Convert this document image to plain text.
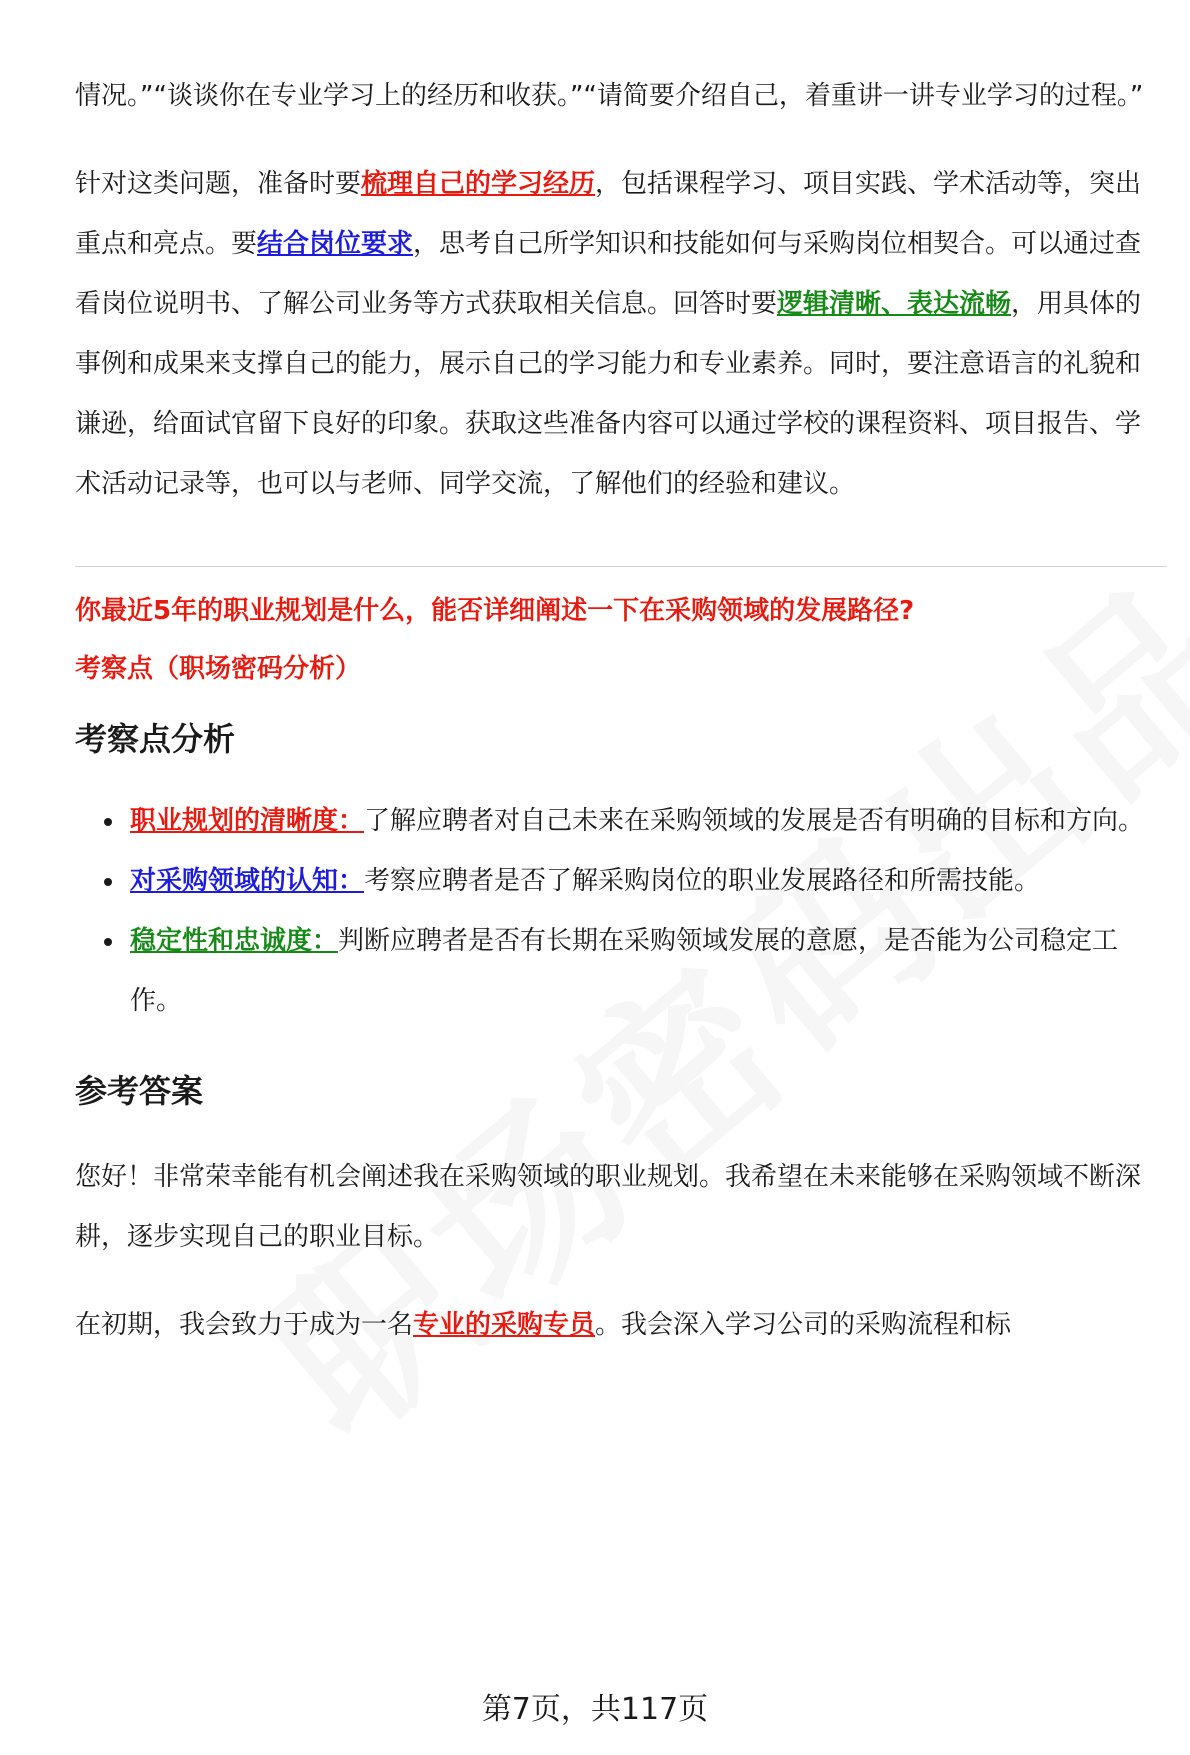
情况。”“谈谈你在专业学习上的经历和收获。”“请简要介绍自己，着重讲一讲专业学习的过程。”

针对这类问题，准备时要梳理自己的学习经历，包括课程学习、项目实践、学术活动等，突出重点和亮点。要结合岗位要求，思考自己所学知识和技能如何与采购岗位相契合。可以通过查看岗位说明书、了解公司业务等方式获取相关信息。回答时要逻辑清晰、表达流畅，用具体的事例和成果来支撑自己的能力，展示自己的学习能力和专业素养。同时，要注意语言的礼貌和谦逊，给面试官留下良好的印象。获取这些准备内容可以通过学校的课程资料、项目报告、学术活动记录等，也可以与老师、同学交流，了解他们的经验和建议。

你最近5年的职业规划是什么，能否详细阐述一下在采购领域的发展路径?

考察点（职场密码分析）

考察点分析
职业规划的清晰度：了解应聘者对自己未来在采购领域的发展是否有明确的目标和方向。
对采购领域的认知：考察应聘者是否了解采购岗位的职业发展路径和所需技能。
稳定性和忠诚度：判断应聘者是否有长期在采购领域发展的意愿，是否能为公司稳定工作。
参考答案

您好！非常荣幸能有机会阐述我在采购领域的职业规划。我希望在未来能够在采购领域不断深耕，逐步实现自己的职业目标。

在初期，我会致力于成为一名专业的采购专员。我会深入学习公司的采购流程和标

第7页，共117页
